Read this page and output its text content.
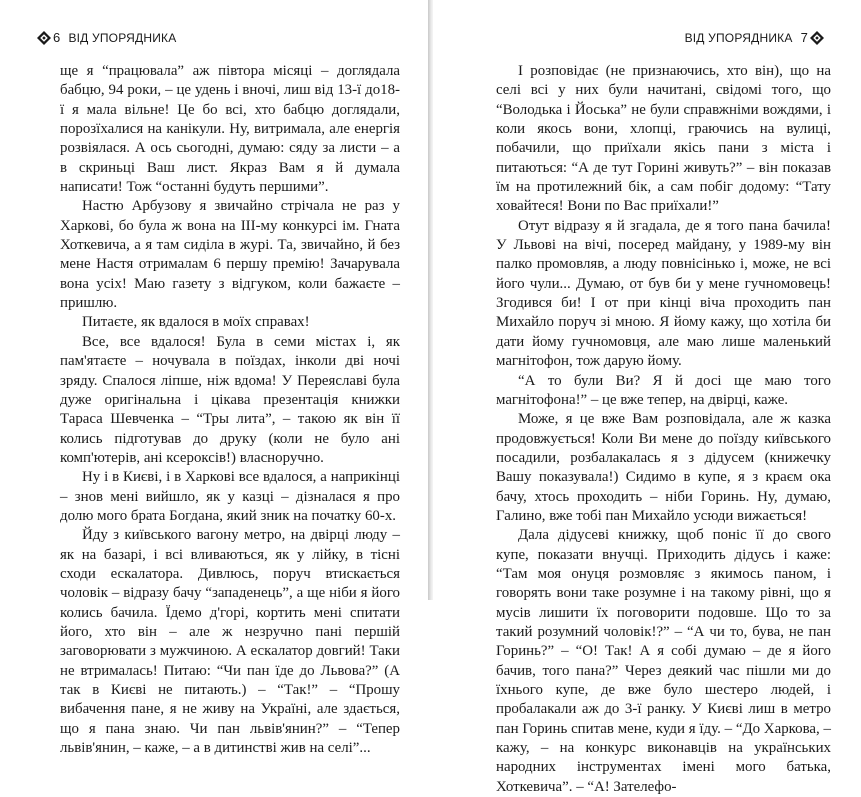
6 ВІД УПОРЯДНИКА

ще я “працювала” аж півтора місяці – доглядала бабцю, 94 роки, – це удень і вночі, лиш від 13-ї до18-ї я мала вільне! Це бо всі, хто бабцю доглядали, порозїхалися на канікули. Ну, витримала, але енергія розвіялася. А ось сьогодні, думаю: сяду за листи – а в скриньці Ваш лист. Якраз Вам я й думала написати! Тож “останні будуть першими”.

Настю Арбузову я звичайно стрічала не раз у Харкові, бо була ж вона на ІІІ-му конкурсі ім. Гната Хоткевича, а я там сиділа в журі. Та, звичайно, й без мене Настя отрималам 6 першу премію! Зачарувала вона усіх! Маю газету з відгуком, коли бажаєте – пришлю.

Питаєте, як вдалося в моїх справах!

Все, все вдалося! Була в семи містах і, як пам'ятаєте – ночувала в поїздах, інколи дві ночі зряду. Спалося ліпше, ніж вдома! У Переяславі була дуже оригінальна і цікава презентація книжки Тараса Шевченка – “Тры лита”, – такою як він її колись підготував до друку (коли не було ані комп'ютерів, ані ксероксів!) власноручно.

Ну і в Києві, і в Харкові все вдалося, а наприкінці – знов мені вийшло, як у казці – дізналася я про долю мого брата Богдана, який зник на початку 60-х.

Йду з київського вагону метро, на двірці люду – як на базарі, і всі вливаються, як у лійку, в тісні сходи ескалатора. Дивлюсь, поруч втискається чоловік – відразу бачу “западенець”, а ще ніби я його колись бачила. Їдемо д'горі, кортить мені спитати його, хто він – але ж незручно пані першій заговорювати з мужчиною. А ескалатор довгий! Таки не втрималась! Питаю: “Чи пан їде до Львова?” (А так в Києві не питають.) – “Так!” – “Прошу вибачення пане, я не живу на Україні, але здається, що я пана знаю. Чи пан львів'янин?” – “Тепер львів'янин, – каже, – а в дитинстві жив на селі”...

ВІД УПОРЯДНИКА 7

І розповідає (не признаючись, хто він), що на селі всі у них були начитані, свідомі того, що “Володька і Йоська” не були справжніми вождями, і коли якось вони, хлопці, граючись на вулиці, побачили, що приїхали якісь пани з міста і питаються: “А де тут Горині живуть?” – він показав їм на протилежний бік, а сам побіг додому: “Тату ховайтеся! Вони по Вас приїхали!”

Отут відразу я й згадала, де я того пана бачила! У Львові на вічі, посеред майдану, у 1989-му він палко промовляв, а люду повнісінько і, може, не всі його чули... Думаю, от був би у мене гучномовець! Згодився би! І от при кінці віча проходить пан Михайло поруч зі мною. Я йому кажу, що хотіла би дати йому гучномовця, але маю лише маленький магнітофон, тож дарую йому.

“А то були Ви? Я й досі ще маю того магнітофона!” – це вже тепер, на двірці, каже.

Може, я це вже Вам розповідала, але ж казка продовжується! Коли Ви мене до поїзду київського посадили, розбалакалась я з дідусем (книжечку Вашу показувала!) Сидимо в купе, я з краєм ока бачу, хтось проходить – ніби Горинь. Ну, думаю, Галино, вже тобі пан Михайло усюди вижається!

Дала дідусеві книжку, щоб поніс її до свого купе, показати внучці. Приходить дідусь і каже: “Там моя онуця розмовляє з якимось паном, і говорять вони таке розумне і на такому рівні, що я мусів лишити їх поговорити подовше. Що то за такий розумний чоловік!?” – “А чи то, бува, не пан Горинь?” – “О! Так! А я собі думаю – де я його бачив, того пана?” Через деякий час пішли ми до їхнього купе, де вже було шестеро людей, і пробалакали аж до 3-ї ранку. У Києві лиш в метро пан Горинь спитав мене, куди я їду. – “До Харкова, – кажу, – на конкурс виконавців на українських народних інструментах імені мого батька, Хоткевича”. – “А! Зателефо-
